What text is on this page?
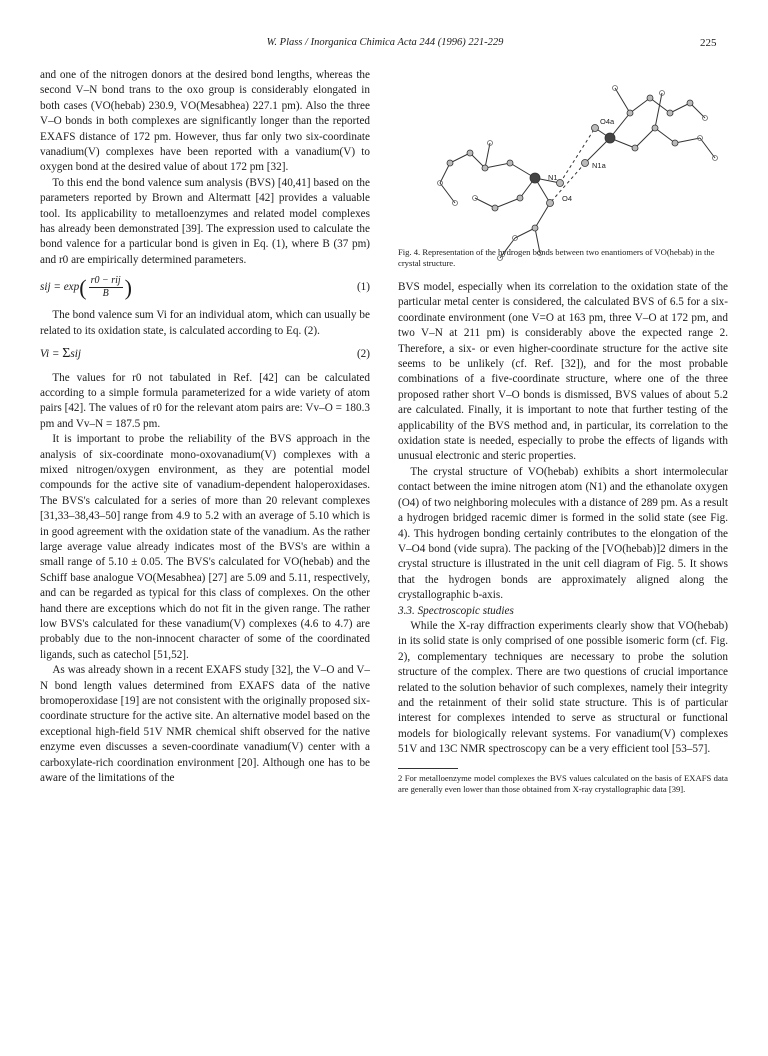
W. Plass / Inorganica Chimica Acta 244 (1996) 221-229	225

and one of the nitrogen donors at the desired bond lengths, whereas the second V–N bond trans to the oxo group is considerably elongated in both cases (VO(hebab) 230.9, VO(Mesabhea) 227.1 pm). Also the three V–O bonds in both complexes are significantly longer than the reported EXAFS distance of 172 pm. However, thus far only two six-coordinate vanadium(V) complexes have been reported with a vanadium(V) to oxygen bond at the desired value of about 172 pm [32].

To this end the bond valence sum analysis (BVS) [40,41] based on the parameters reported by Brown and Altermatt [42] provides a valuable tool. Its applicability to metalloenzymes and related model complexes has already been demonstrated [39]. The expression used to calculate the bond valence for a particular bond is given in Eq. (1), where B (37 pm) and r0 are empirically determined parameters.

sij = $\exp( \frac{\text{r0 − rij}}{B}$ )	(1)

The bond valence sum Vi for an individual atom, which can usually be related to its oxidation state, is calculated according to Eq. (2).

Vi = Σsij	(2)

The values for r0 not tabulated in Ref. [42] can be calculated according to a simple formula parameterized for a wide variety of atom pairs [42]. The values of r0 for the relevant atom pairs are: Vv–O = 180.3 pm and Vv–N = 187.5 pm.

It is important to probe the reliability of the BVS approach in the analysis of six-coordinate mono-oxovanadium(V) complexes with a mixed nitrogen/oxygen environment, as they are potential model compounds for the active site of vanadium-dependent haloperoxidases. The BVS's calculated for a series of more than 20 relevant complexes [31,33–38,43–50] range from 4.9 to 5.2 with an average of 5.10 which is in good agreement with the oxidation state of the vanadium. As the rather large average value already indicates most of the BVS's are within a small range of 5.10 ± 0.05. The BVS's calculated for VO(hebab) and the Schiff base analogue VO(Mesabhea) [27] are 5.09 and 5.11, respectively, and can be regarded as typical for this class of complexes. On the other hand there are exceptions which do not fit in the given range. The rather low BVS's calculated for these vanadium(V) complexes (4.6 to 4.7) are probably due to the non-innocent character of some of the coordinated ligands, such as catechol [51,52].

As was already shown in a recent EXAFS study [32], the V–O and V–N bond length values determined from EXAFS data of the native bromoperoxidase [19] are not consistent with the originally proposed six-coordinate structure for the active site. An alternative model based on the exceptional high-field 51V NMR chemical shift observed for the native enzyme even discusses a seven-coordinate vanadium(V) center with a carboxylate-rich coordination environment [20]. Although one has to be aware of the limitations of the

O4a
N1
N1a
O4
Fig. 4. Representation of the hydrogen bonds between two enantiomers of VO(hebab) in the crystal structure.

BVS model, especially when its correlation to the oxidation state of the particular metal center is considered, the calculated BVS of 6.5 for a six-coordinate environment (one V=O at 163 pm, three V–O at 172 pm, and two V–N at 211 pm) is considerably above the expected range 2. Therefore, a six- or even higher-coordinate structure for the active site seems to be unlikely (cf. Ref. [32]), and for the most probable combinations of a five-coordinate structure, where one of the three proposed rather short V–O bonds is dismissed, BVS values of about 5.2 are calculated. Finally, it is important to note that further testing of the applicability of the BVS method and, in particular, its correlation to the oxidation state is needed, especially to probe the effects of ligands with unusual electronic and steric properties.

The crystal structure of VO(hebab) exhibits a short intermolecular contact between the imine nitrogen atom (N1) and the ethanolate oxygen (O4) of two neighboring molecules with a distance of 289 pm. As a result a hydrogen bridged racemic dimer is formed in the solid state (see Fig. 4). This hydrogen bonding certainly contributes to the elongation of the V–O4 bond (vide supra). The packing of the [VO(hebab)]2 dimers in the crystal structure is illustrated in the unit cell diagram of Fig. 5. It shows that the hydrogen bonds are approximately aligned along the crystallographic b-axis.

3.3. Spectroscopic studies

While the X-ray diffraction experiments clearly show that VO(hebab) in its solid state is only comprised of one possible isomeric form (cf. Fig. 2), complementary techniques are necessary to probe the solution structure of the complex. There are two questions of crucial importance related to the solution behavior of such complexes, namely their integrity and the retainment of their solid state structure. This is of particular interest for complexes intended to serve as structural or functional models for biologically relevant systems. For vanadium(V) complexes 51V and 13C NMR spectroscopy can be a very efficient tool [53–57].

2 For metalloenzyme model complexes the BVS values calculated on the basis of EXAFS data are generally even lower than those obtained from X-ray crystallographic data [39].
